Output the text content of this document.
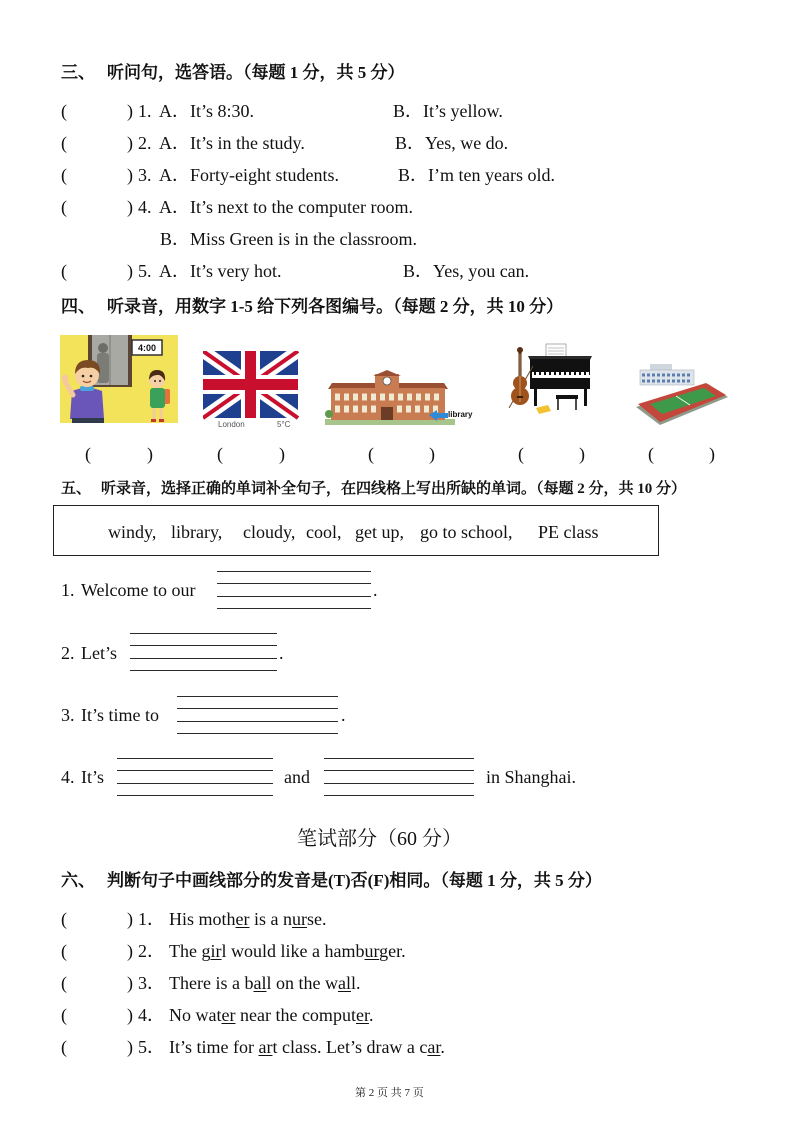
三、 听问句，选答语。（每题 1 分，共 5 分）
(	) 1. A．It’s 8:30.	B．It’s yellow.
(	) 2. A．It’s in the study.	B．Yes, we do.
(	) 3. A．Forty-eight students.	B．I’m ten years old.
(	) 4. A．It’s next to the computer room.
B．Miss Green is in the classroom.
(	) 5. A．It’s very hot.	B．Yes, you can.
四、 听录音，用数字 1-5 给下列各图编号。（每题 2 分，共 10 分）
4:00
London	5°C
library
(	)	(	)	(	)	(	)	(	)
五、 听录音，选择正确的单词补全句子，在四线格上写出所缺的单词。（每题 2 分，共 10 分）
windy, library, cloudy, cool, get up, go to school, PE class
1. Welcome to our	.
2. Let’s	.
3. It’s time to	.
4. It’s	and	in Shanghai.
笔试部分（60 分）
六、 判断句子中画线部分的发音是(T)否(F)相同。（每题 1 分，共 5 分）
(	) 1． His mother is a nurse.
(	) 2． The girl would like a hamburger.
(	) 3． There is a ball on the wall.
(	) 4． No water near the computer.
(	) 5． It’s time for art class. Let’s draw a car.
第 2 页 共 7 页
